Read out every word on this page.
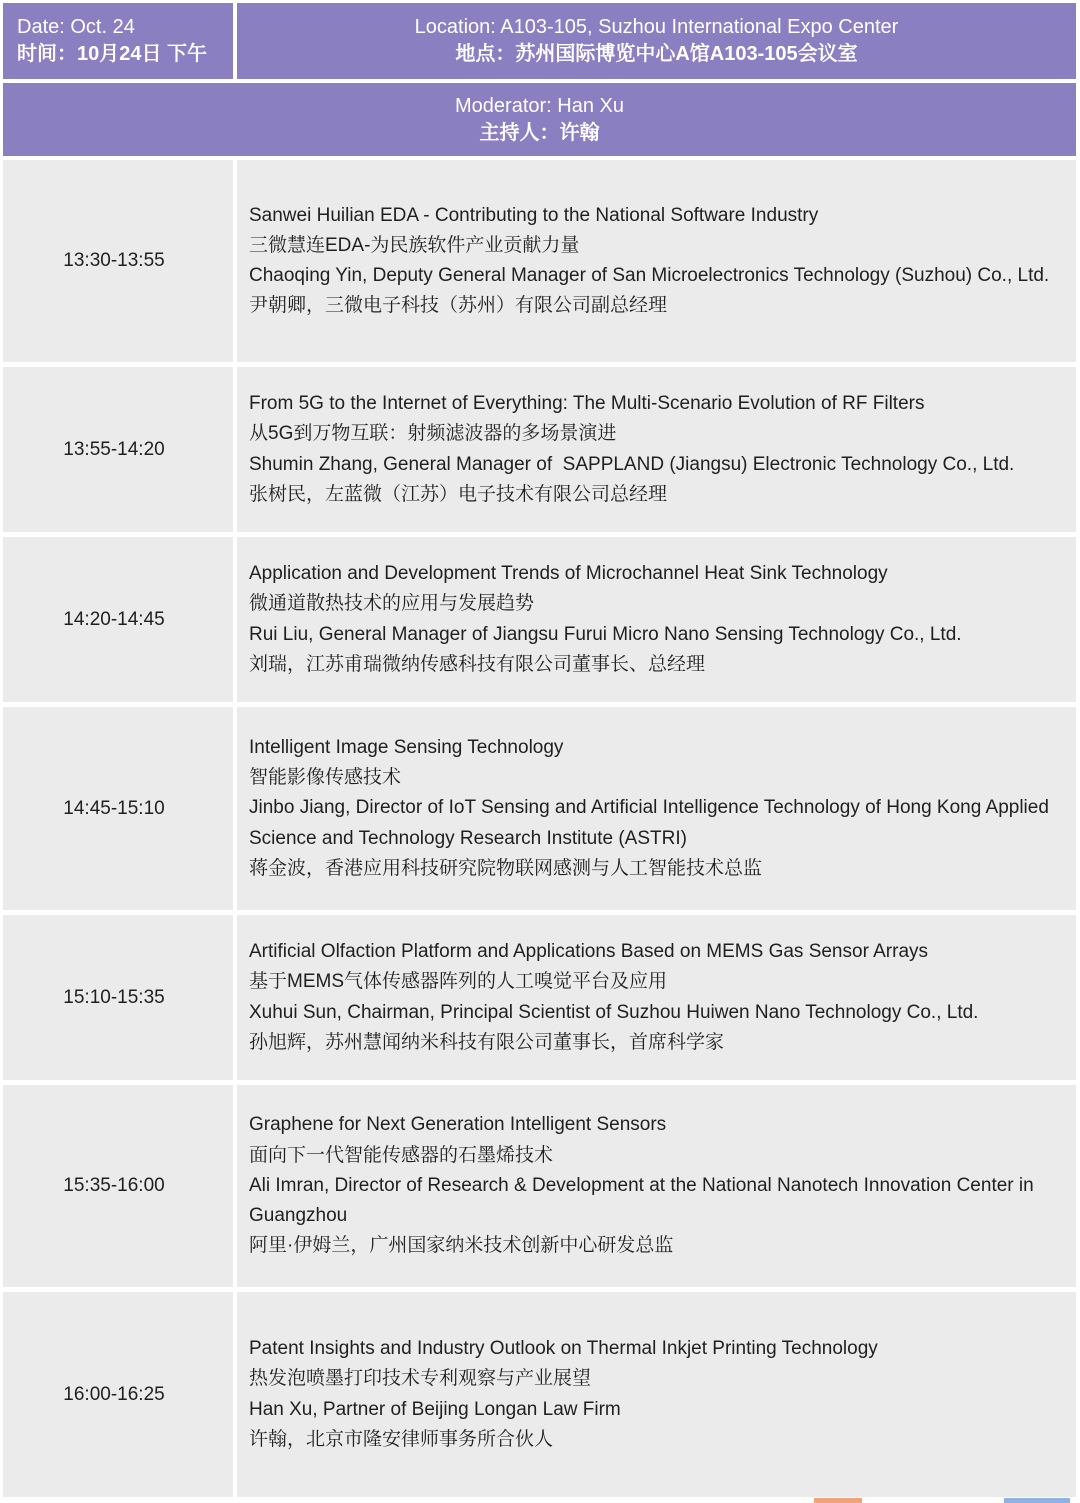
Date: Oct. 24
时间：10月24日 下午
Location: A103-105, Suzhou International Expo Center
地点：苏州国际博览中心A馆A103-105会议室
Moderator: Han Xu
主持人：许翰
13:30-13:55
Sanwei Huilian EDA - Contributing to the National Software Industry
三微慧连EDA-为民族软件产业贡献力量
Chaoqing Yin, Deputy General Manager of San Microelectronics Technology (Suzhou) Co., Ltd.
尹朝卿，三微电子科技（苏州）有限公司副总经理
13:55-14:20
From 5G to the Internet of Everything: The Multi-Scenario Evolution of RF Filters
从5G到万物互联：射频滤波器的多场景演进
Shumin Zhang, General Manager of  SAPPLAND (Jiangsu) Electronic Technology Co., Ltd.
张树民，左蓝微（江苏）电子技术有限公司总经理
14:20-14:45
Application and Development Trends of Microchannel Heat Sink Technology
微通道散热技术的应用与发展趋势
Rui Liu, General Manager of Jiangsu Furui Micro Nano Sensing Technology Co., Ltd.
刘瑞，江苏甫瑞微纳传感科技有限公司董事长、总经理
14:45-15:10
Intelligent Image Sensing Technology
智能影像传感技术
Jinbo Jiang, Director of IoT Sensing and Artificial Intelligence Technology of Hong Kong Applied Science and Technology Research Institute (ASTRI)
蒋金波，香港应用科技研究院物联网感测与人工智能技术总监
15:10-15:35
Artificial Olfaction Platform and Applications Based on MEMS Gas Sensor Arrays
基于MEMS气体传感器阵列的人工嗅觉平台及应用
Xuhui Sun, Chairman, Principal Scientist of Suzhou Huiwen Nano Technology Co., Ltd.
孙旭辉，苏州慧闻纳米科技有限公司董事长，首席科学家
15:35-16:00
Graphene for Next Generation Intelligent Sensors
面向下一代智能传感器的石墨烯技术
Ali Imran, Director of Research & Development at the National Nanotech Innovation Center in Guangzhou
阿里·伊姆兰，广州国家纳米技术创新中心研发总监
16:00-16:25
Patent Insights and Industry Outlook on Thermal Inkjet Printing Technology
热发泡喷墨打印技术专利观察与产业展望
Han Xu, Partner of Beijing Longan Law Firm
许翰，北京市隆安律师事务所合伙人
